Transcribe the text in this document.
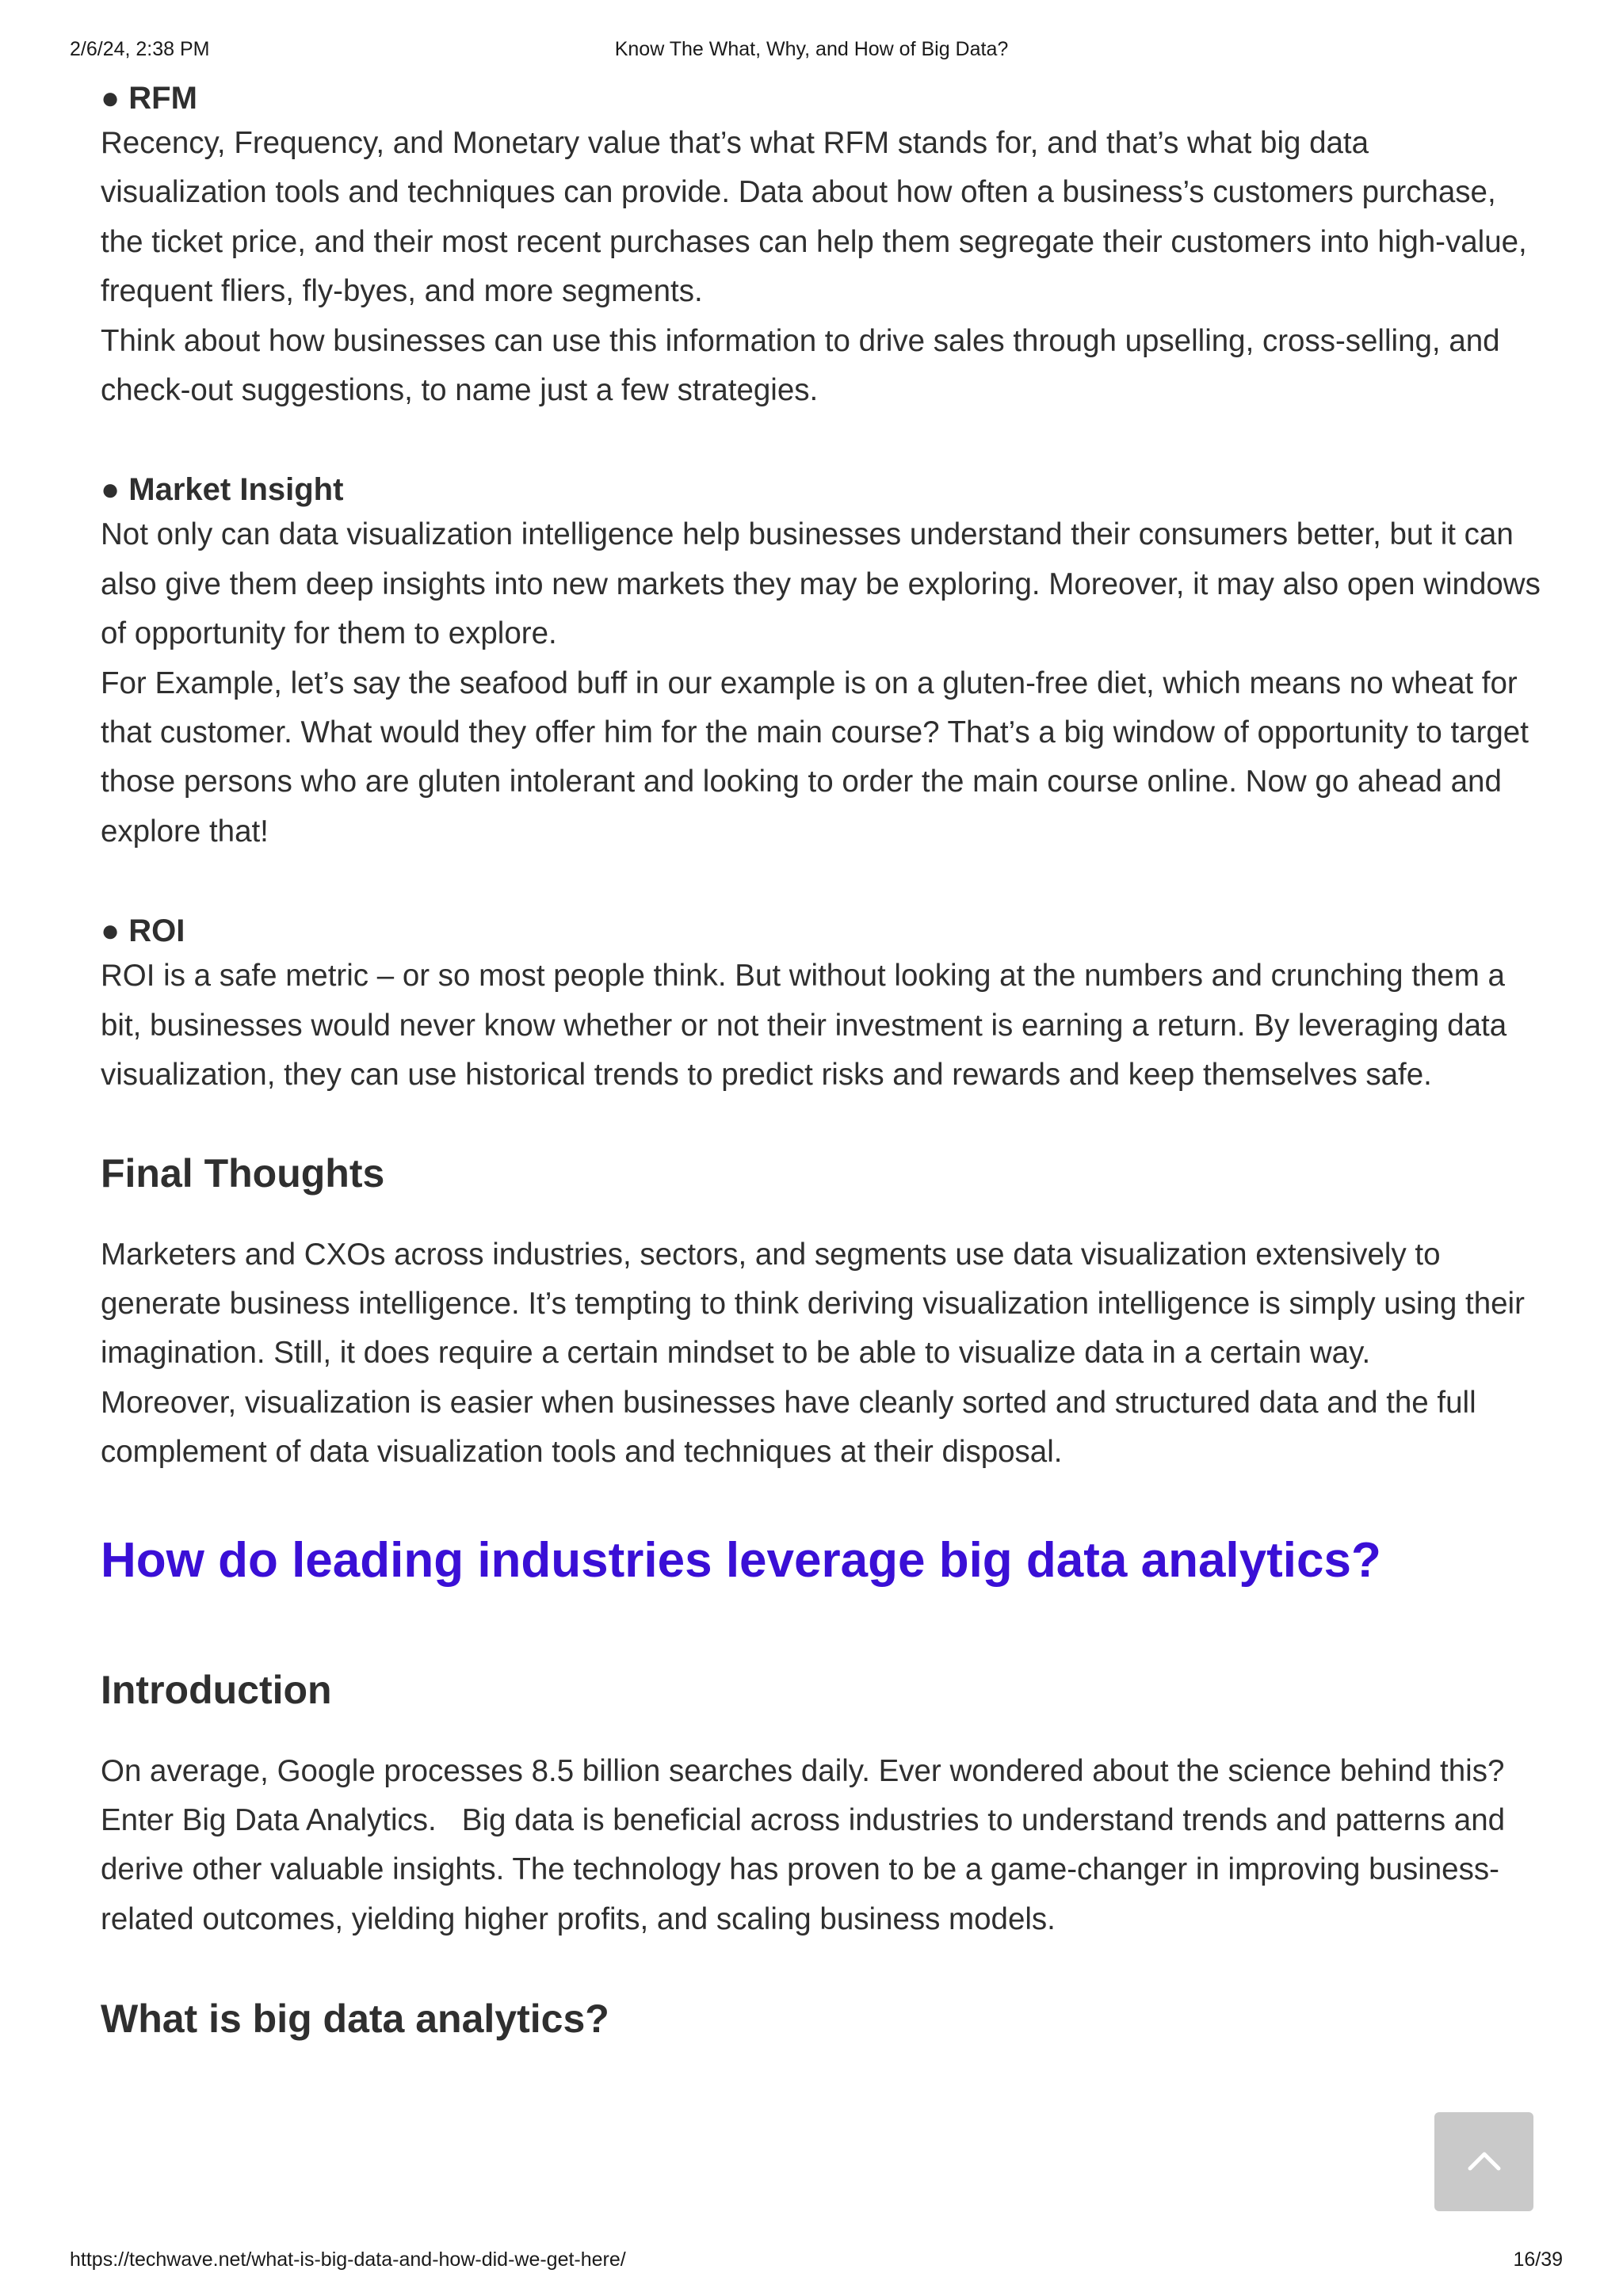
2/6/24, 2:38 PM	Know The What, Why, and How of Big Data?

● RFM

Recency, Frequency, and Monetary value that’s what RFM stands for, and that’s what big data visualization tools and techniques can provide. Data about how often a business’s customers purchase, the ticket price, and their most recent purchases can help them segregate their customers into high-value, frequent fliers, fly-byes, and more segments.

Think about how businesses can use this information to drive sales through upselling, cross-selling, and check-out suggestions, to name just a few strategies.

● Market Insight

Not only can data visualization intelligence help businesses understand their consumers better, but it can also give them deep insights into new markets they may be exploring. Moreover, it may also open windows of opportunity for them to explore.

For Example, let’s say the seafood buff in our example is on a gluten-free diet, which means no wheat for that customer. What would they offer him for the main course? That’s a big window of opportunity to target those persons who are gluten intolerant and looking to order the main course online. Now go ahead and explore that!

● ROI

ROI is a safe metric – or so most people think. But without looking at the numbers and crunching them a bit, businesses would never know whether or not their investment is earning a return. By leveraging data visualization, they can use historical trends to predict risks and rewards and keep themselves safe.

Final Thoughts

Marketers and CXOs across industries, sectors, and segments use data visualization extensively to generate business intelligence. It’s tempting to think deriving visualization intelligence is simply using their imagination. Still, it does require a certain mindset to be able to visualize data in a certain way.

Moreover, visualization is easier when businesses have cleanly sorted and structured data and the full complement of data visualization tools and techniques at their disposal.

How do leading industries leverage big data analytics?
Introduction

On average, Google processes 8.5 billion searches daily. Ever wondered about the science behind this? Enter Big Data Analytics.   Big data is beneficial across industries to understand trends and patterns and derive other valuable insights. The technology has proven to be a game-changer in improving business-related outcomes, yielding higher profits, and scaling business models.

What is big data analytics?
https://techwave.net/what-is-big-data-and-how-did-we-get-here/	16/39
